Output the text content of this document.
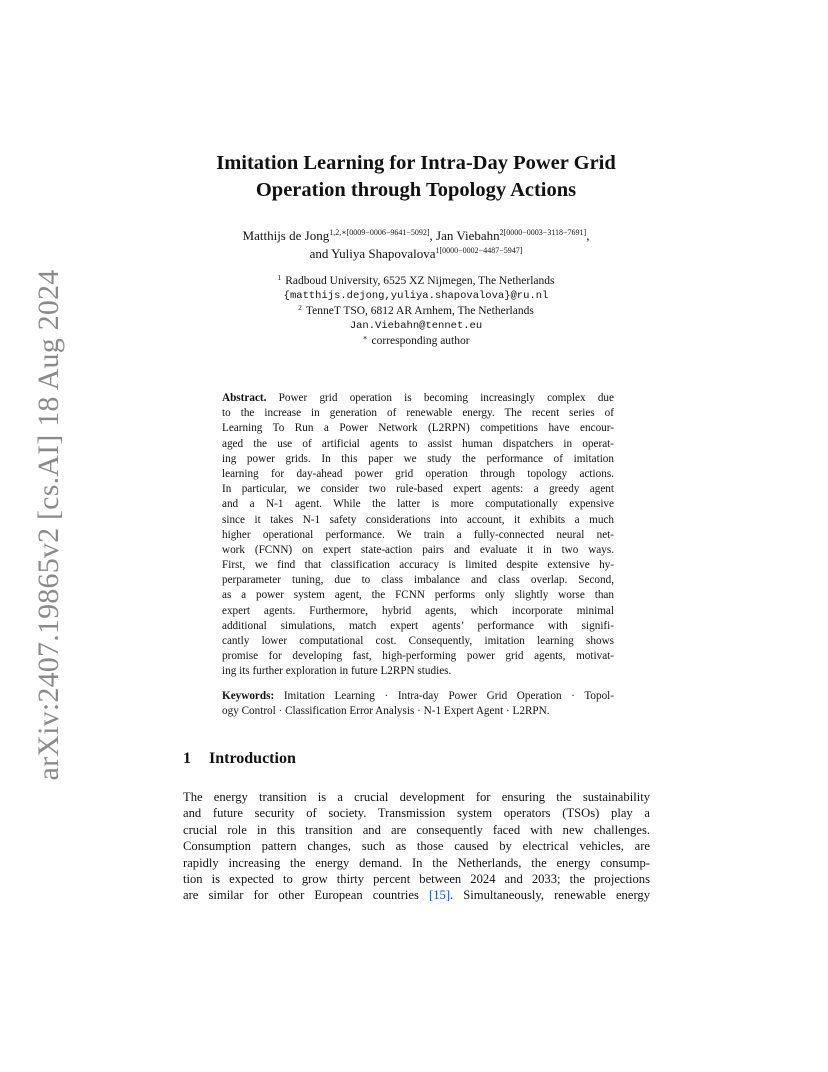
arXiv:2407.19865v2 [cs.AI] 18 Aug 2024
Imitation Learning for Intra-Day Power Grid
Operation through Topology Actions
Matthijs de Jong$^{1,2,∗[0009-0006-9641-5092]}$, Jan Viebahn$^{2[0000-0003-3118-7691]}$,
and Yuliya Shapovalova$^{1[0000-0002-4487-5947]}$
$^1$ Radboud University, 6525 XZ Nijmegen, The Netherlands
{matthijs.dejong,yuliya.shapovalova}@ru.nl
$^2$ TenneT TSO, 6812 AR Arnhem, The Netherlands
Jan.Viebahn@tennet.eu
∗ corresponding author
Abstract. Power grid operation is becoming increasingly complex due
to the increase in generation of renewable energy. The recent series of
Learning To Run a Power Network (L2RPN) competitions have encour-
aged the use of artificial agents to assist human dispatchers in operat-
ing power grids. In this paper we study the performance of imitation
learning for day-ahead power grid operation through topology actions.
In particular, we consider two rule-based expert agents: a greedy agent
and a N-1 agent. While the latter is more computationally expensive
since it takes N-1 safety considerations into account, it exhibits a much
higher operational performance. We train a fully-connected neural net-
work (FCNN) on expert state-action pairs and evaluate it in two ways.
First, we find that classification accuracy is limited despite extensive hy-
perparameter tuning, due to class imbalance and class overlap. Second,
as a power system agent, the FCNN performs only slightly worse than
expert agents. Furthermore, hybrid agents, which incorporate minimal
additional simulations, match expert agents’ performance with signifi-
cantly lower computational cost. Consequently, imitation learning shows
promise for developing fast, high-performing power grid agents, motivat-
ing its further exploration in future L2RPN studies.
Keywords: Imitation Learning · Intra-day Power Grid Operation · Topol-
ogy Control · Classification Error Analysis · N-1 Expert Agent · L2RPN.
1 Introduction
The energy transition is a crucial development for ensuring the sustainability
and future security of society. Transmission system operators (TSOs) play a
crucial role in this transition and are consequently faced with new challenges.
Consumption pattern changes, such as those caused by electrical vehicles, are
rapidly increasing the energy demand. In the Netherlands, the energy consump-
tion is expected to grow thirty percent between 2024 and 2033; the projections
are similar for other European countries [15]. Simultaneously, renewable energy
